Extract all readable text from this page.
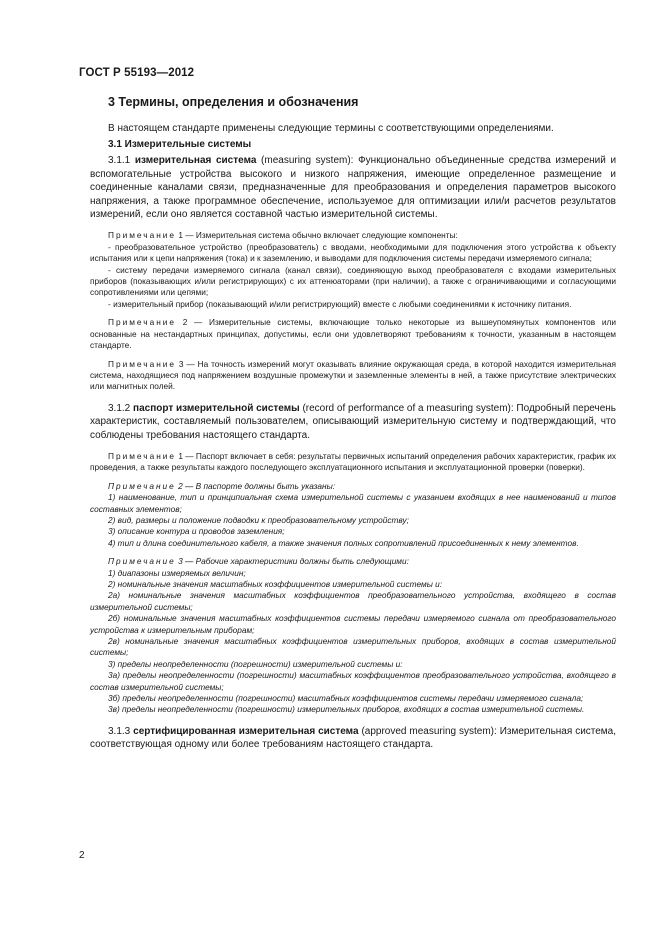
ГОСТ Р 55193—2012
3 Термины, определения и обозначения

В настоящем стандарте применены следующие термины с соответствующими определениями.

3.1 Измерительные системы

3.1.1 измерительная система (measuring system): Функционально объединенные средства измерений и вспомогательные устройства высокого и низкого напряжения, имеющие определенное размещение и соединенные каналами связи, предназначенные для преобразования и определения параметров высокого напряжения, а также программное обеспечение, используемое для оптимизации или/и расчетов результатов измерений, если оно является составной частью измерительной системы.

Примечание 1 — Измерительная система обычно включает следующие компоненты:

- преобразовательное устройство (преобразователь) с вводами, необходимыми для подключения этого устройства к объекту испытания или к цепи напряжения (тока) и к заземлению, и выводами для подключения системы передачи измеряемого сигнала;

- систему передачи измеряемого сигнала (канал связи), соединяющую выход преобразователя с входами измерительных приборов (показывающих и/или регистрирующих) с их аттенюаторами (при наличии), а также с ограничивающими и согласующими сопротивлениями или цепями;

- измерительный прибор (показывающий и/или регистрирующий) вместе с любыми соединениями к источнику питания.

Примечание 2 — Измерительные системы, включающие только некоторые из вышеупомянутых компонентов или основанные на нестандартных принципах, допустимы, если они удовлетворяют требованиям к точности, указанным в настоящем стандарте.

Примечание 3 — На точность измерений могут оказывать влияние окружающая среда, в которой находится измерительная система, находящиеся под напряжением воздушные промежутки и заземленные элементы в ней, а также присутствие электрических или магнитных полей.

3.1.2 паспорт измерительной системы (record of performance of a measuring system): Подробный перечень характеристик, составляемый пользователем, описывающий измерительную систему и подтверждающий, что соблюдены требования настоящего стандарта.

Примечание 1 — Паспорт включает в себя: результаты первичных испытаний определения рабочих характеристик, график их проведения, а также результаты каждого последующего эксплуатационного испытания и эксплуатационной проверки (поверки).

Примечание 2 — В паспорте должны быть указаны:

1) наименование, тип и принципиальная схема измерительной системы с указанием входящих в нее наименований и типов составных элементов;

2) вид, размеры и положение подводки к преобразовательному устройству;

3) описание контура и проводов заземления;

4) тип и длина соединительного кабеля, а также значения полных сопротивлений присоединенных к нему элементов.

Примечание 3 — Рабочие характеристики должны быть следующими:

1) диапазоны измеряемых величин;

2) номинальные значения масштабных коэффициентов измерительной системы и:

2а) номинальные значения масштабных коэффициентов преобразовательного устройства, входящего в состав измерительной системы;

2б) номинальные значения масштабных коэффициентов системы передачи измеряемого сигнала от преобразовательного устройства к измерительным приборам;

2в) номинальные значения масштабных коэффициентов измерительных приборов, входящих в состав измерительной системы;

3) пределы неопределенности (погрешности) измерительной системы и:

3а) пределы неопределенности (погрешности) масштабных коэффициентов преобразовательного устройства, входящего в состав измерительной системы;

3б) пределы неопределенности (погрешности) масштабных коэффициентов системы передачи измеряемого сигнала;

3в) пределы неопределенности (погрешности) измерительных приборов, входящих в состав измерительной системы.

3.1.3 сертифицированная измерительная система (approved measuring system): Измерительная система, соответствующая одному или более требованиям настоящего стандарта.

2
